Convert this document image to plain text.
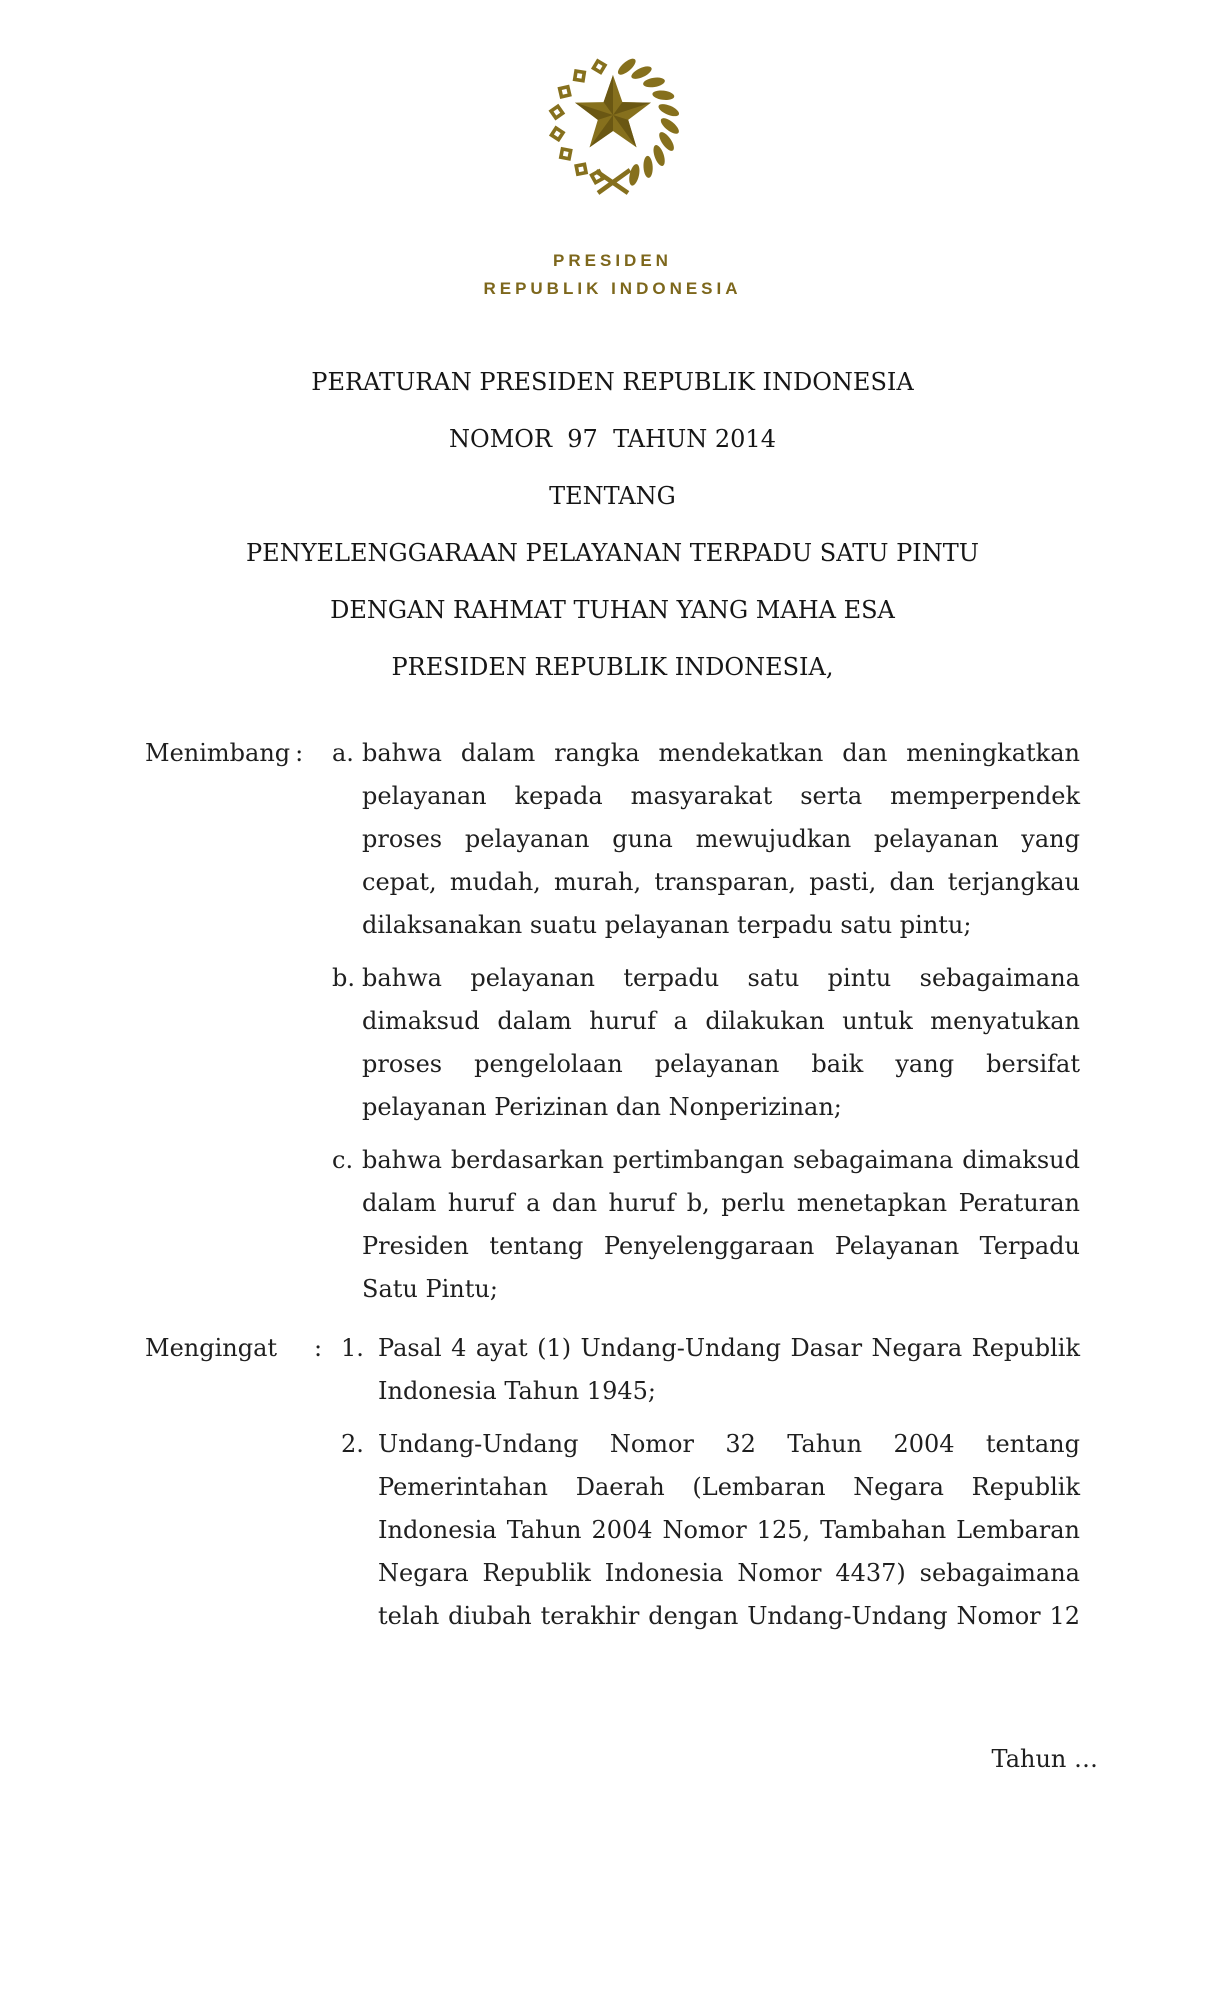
PRESIDEN
REPUBLIK INDONESIA
PERATURAN PRESIDEN REPUBLIK INDONESIA
NOMOR  97  TAHUN 2014
TENTANG
PENYELENGGARAAN PELAYANAN TERPADU SATU PINTU
DENGAN RAHMAT TUHAN YANG MAHA ESA
PRESIDEN REPUBLIK INDONESIA,
Menimbang :	a. bahwa dalam rangka mendekatkan dan meningkatkan pelayanan kepada masyarakat serta memperpendek proses pelayanan guna mewujudkan pelayanan yang cepat, mudah, murah, transparan, pasti, dan terjangkau dilaksanakan suatu pelayanan terpadu satu pintu;
b. bahwa pelayanan terpadu satu pintu sebagaimana dimaksud dalam huruf a dilakukan untuk menyatukan proses pengelolaan pelayanan baik yang bersifat pelayanan Perizinan dan Nonperizinan;
c. bahwa berdasarkan pertimbangan sebagaimana dimaksud dalam huruf a dan huruf b, perlu menetapkan Peraturan Presiden tentang Penyelenggaraan Pelayanan Terpadu Satu Pintu;
Mengingat : 1. Pasal 4 ayat (1) Undang-Undang Dasar Negara Republik Indonesia Tahun 1945;
2. Undang-Undang Nomor 32 Tahun 2004 tentang Pemerintahan Daerah (Lembaran Negara Republik Indonesia Tahun 2004 Nomor 125, Tambahan Lembaran Negara Republik Indonesia Nomor 4437) sebagaimana telah diubah terakhir dengan Undang-Undang Nomor 12
Tahun …
